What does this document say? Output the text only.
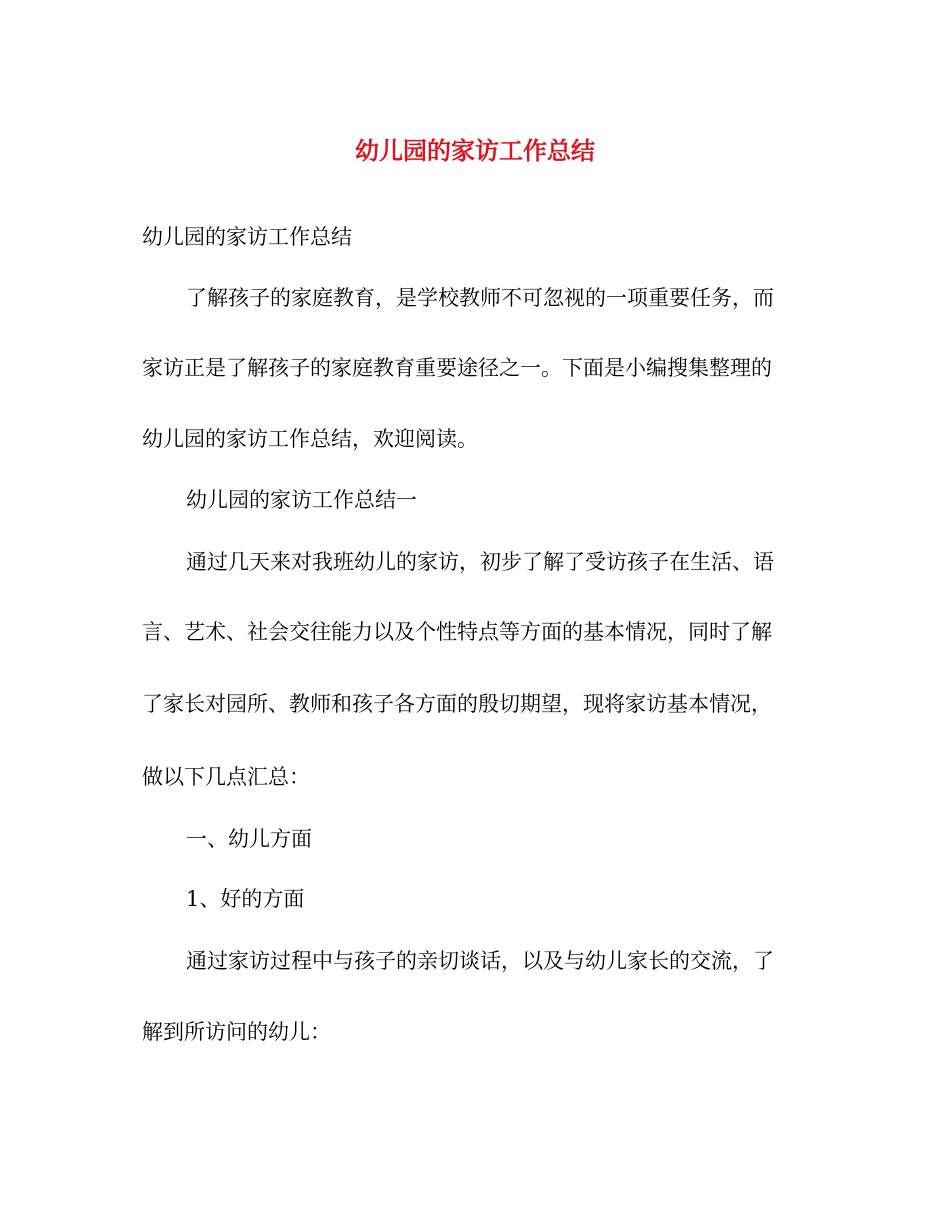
幼儿园的家访工作总结

幼儿园的家访工作总结

了解孩子的家庭教育，是学校教师不可忽视的一项重要任务，而

家访正是了解孩子的家庭教育重要途径之一。下面是小编搜集整理的

幼儿园的家访工作总结，欢迎阅读。

幼儿园的家访工作总结一

通过几天来对我班幼儿的家访，初步了解了受访孩子在生活、语

言、艺术、社会交往能力以及个性特点等方面的基本情况，同时了解

了家长对园所、教师和孩子各方面的殷切期望，现将家访基本情况，

做以下几点汇总：

一、幼儿方面

1、好的方面

通过家访过程中与孩子的亲切谈话，以及与幼儿家长的交流，了

解到所访问的幼儿：
